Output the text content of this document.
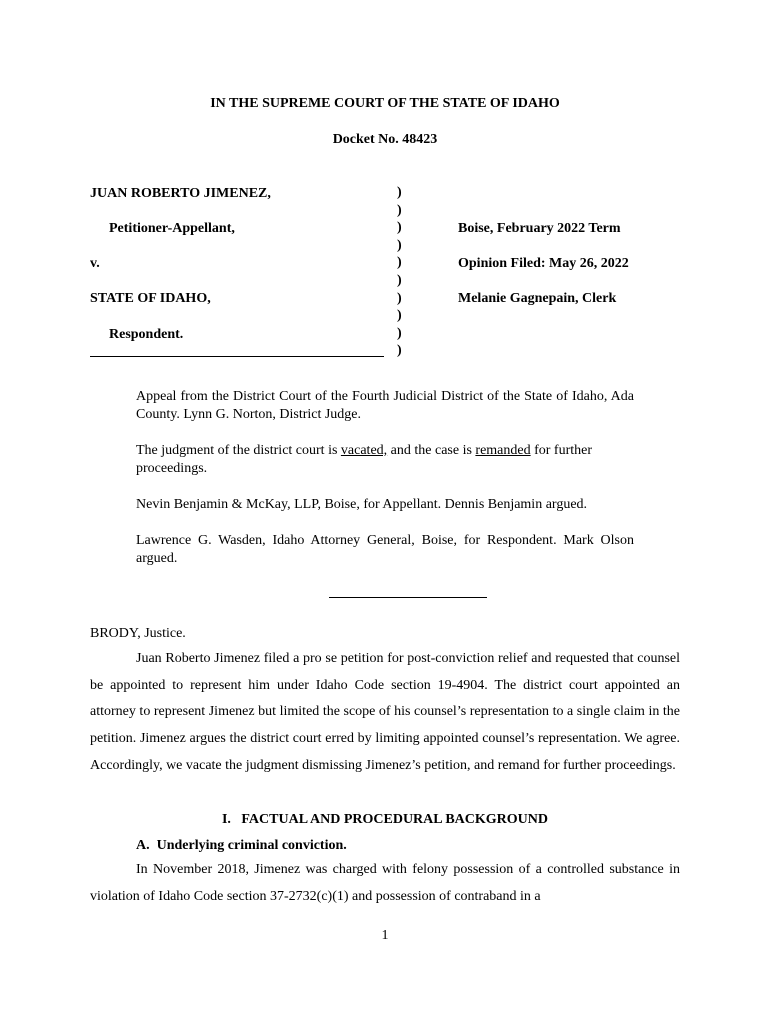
IN THE SUPREME COURT OF THE STATE OF IDAHO
Docket No. 48423
JUAN ROBERTO JIMENEZ,
Petitioner-Appellant,
v.
STATE OF IDAHO,
Respondent.
)
)
)
)
)
)
)
)
)
)
Boise, February 2022 Term
Opinion Filed: May 26, 2022
Melanie Gagnepain, Clerk
Appeal from the District Court of the Fourth Judicial District of the State of Idaho, Ada County. Lynn G. Norton, District Judge.
The judgment of the district court is vacated, and the case is remanded for further proceedings.
Nevin Benjamin & McKay, LLP, Boise, for Appellant. Dennis Benjamin argued.
Lawrence G. Wasden, Idaho Attorney General, Boise, for Respondent. Mark Olson argued.
BRODY, Justice.
Juan Roberto Jimenez filed a pro se petition for post-conviction relief and requested that counsel be appointed to represent him under Idaho Code section 19-4904. The district court appointed an attorney to represent Jimenez but limited the scope of his counsel’s representation to a single claim in the petition. Jimenez argues the district court erred by limiting appointed counsel’s representation. We agree. Accordingly, we vacate the judgment dismissing Jimenez’s petition, and remand for further proceedings.
I.   FACTUAL AND PROCEDURAL BACKGROUND
A.  Underlying criminal conviction.
In November 2018, Jimenez was charged with felony possession of a controlled substance in violation of Idaho Code section 37-2732(c)(1) and possession of contraband in a
1
